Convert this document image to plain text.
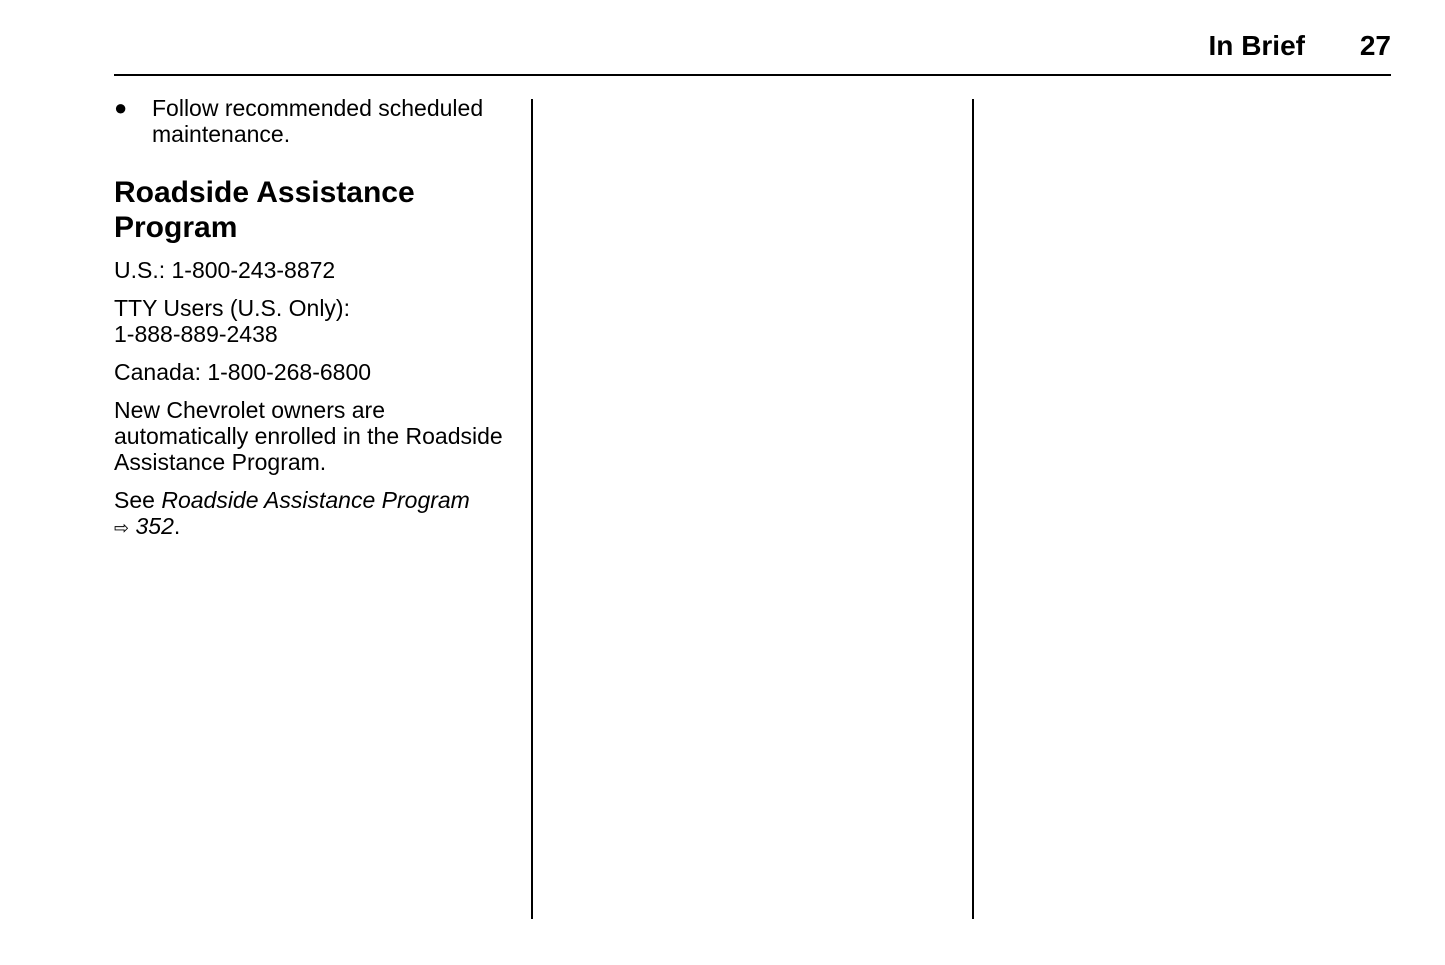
In Brief 27
● Follow recommended scheduled maintenance.
Roadside Assistance
Program

U.S.: 1-800-243-8872

TTY Users (U.S. Only):
1-888-889-2438

Canada: 1-800-268-6800

New Chevrolet owners are automatically enrolled in the Roadside Assistance Program.

See Roadside Assistance Program
⇨ 352.
